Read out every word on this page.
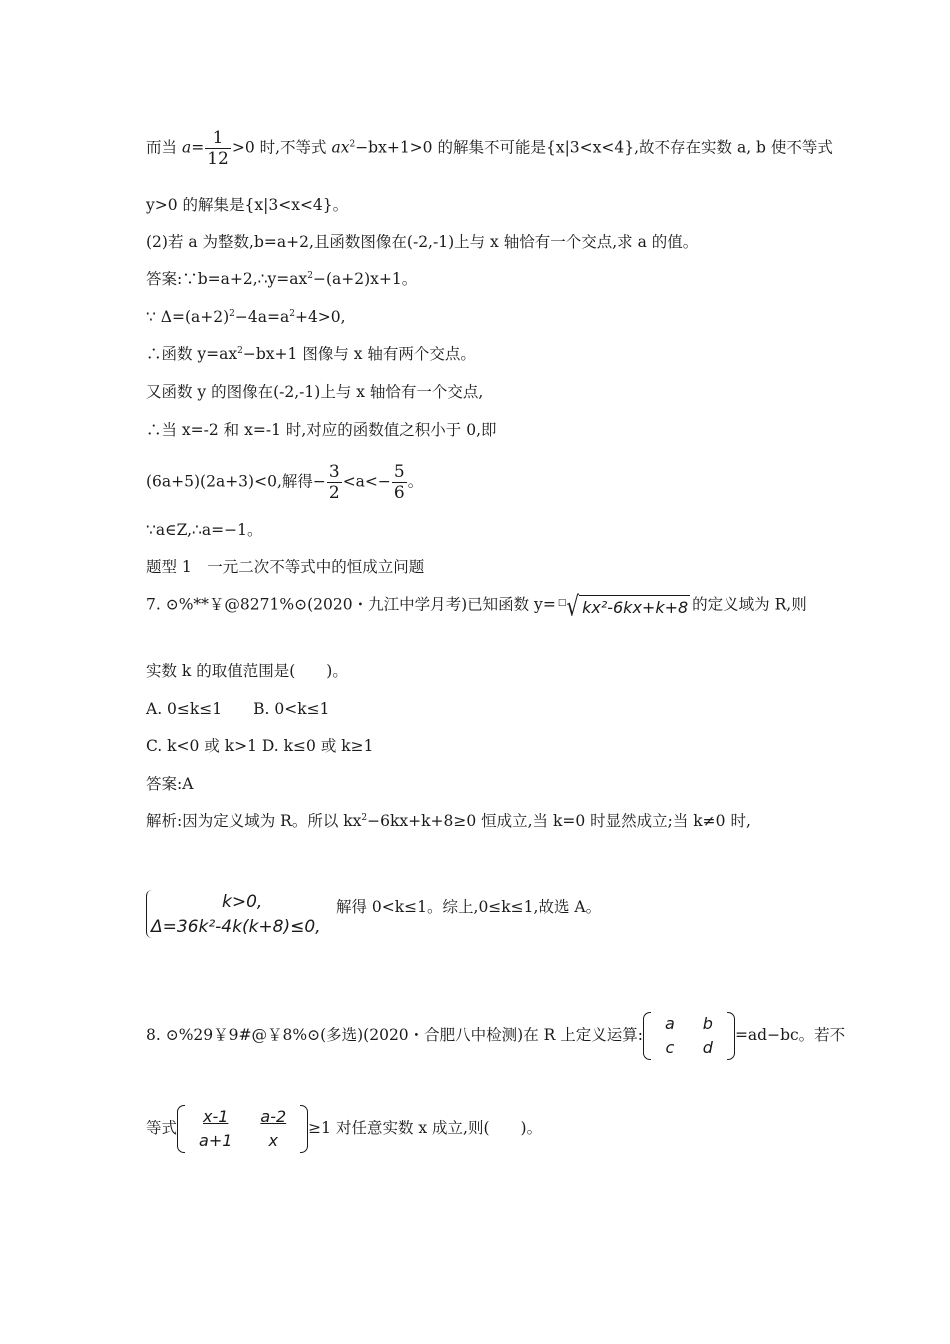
而当 $a= \frac{1}{12} >0$ 时,不等式 $ax^2-bx+1>0$ 的解集不可能是{x|3<x<4},故不存在实数 a, b 使不等式
y>0 的解集是{x|3<x<4}。
(2)若 a 为整数,b=a+2,且函数图像在(-2,-1)上与 x 轴恰有一个交点,求 a 的值。
答案$:\because b=a+2,\therefore y=ax^2-(a+2)x+1$。
∵ $\Delta=(a+2)^2-4a=a^2+4>0$,
∴函数 $y=ax^2-bx+1$ 图像与 x 轴有两个交点。
又函数 y 的图像在(-2,-1)上与 x 轴恰有一个交点,
∴当 x=-2 和 x=-1 时,对应的函数值之积小于 0,即
(6a+5)(2a+3)<0,解得− $\frac{3}{2} <a<- \frac{5}{6}$ 。
∵a∈Z,∴a=−1。
题型 1　一元二次不等式中的恒成立问题
7. ⊙%**￥@8271%⊙(2020・九江中学月考)已知函数 y= □√ kx²-6kx+k+8 的定义域为 R,则
实数 k 的取值范围是(　　)。
A. 0≤k≤1　　B. 0<k≤1
C. k<0 或 k>1 D. k≤0 或 k≥1
答案:A
解析:因为定义域为 R。所以 $kx^2-6kx+k+8\ge 0$ 恒成立,当 k=0 时显然成立;当 k≠0 时,
k>0,
Δ=36k²-4k(k+8)≤0,
解得 0<k≤1。综上,0≤k≤1,故选 A。
8. ⊙%29￥9#@￥8%⊙(多选)(2020・合肥八中检测)在 R 上定义运算:
a	b
c	d
=ad−bc。若不
等式
x-1	a-2
a+1	x
≥1 对任意实数 x 成立,则(　　)。
